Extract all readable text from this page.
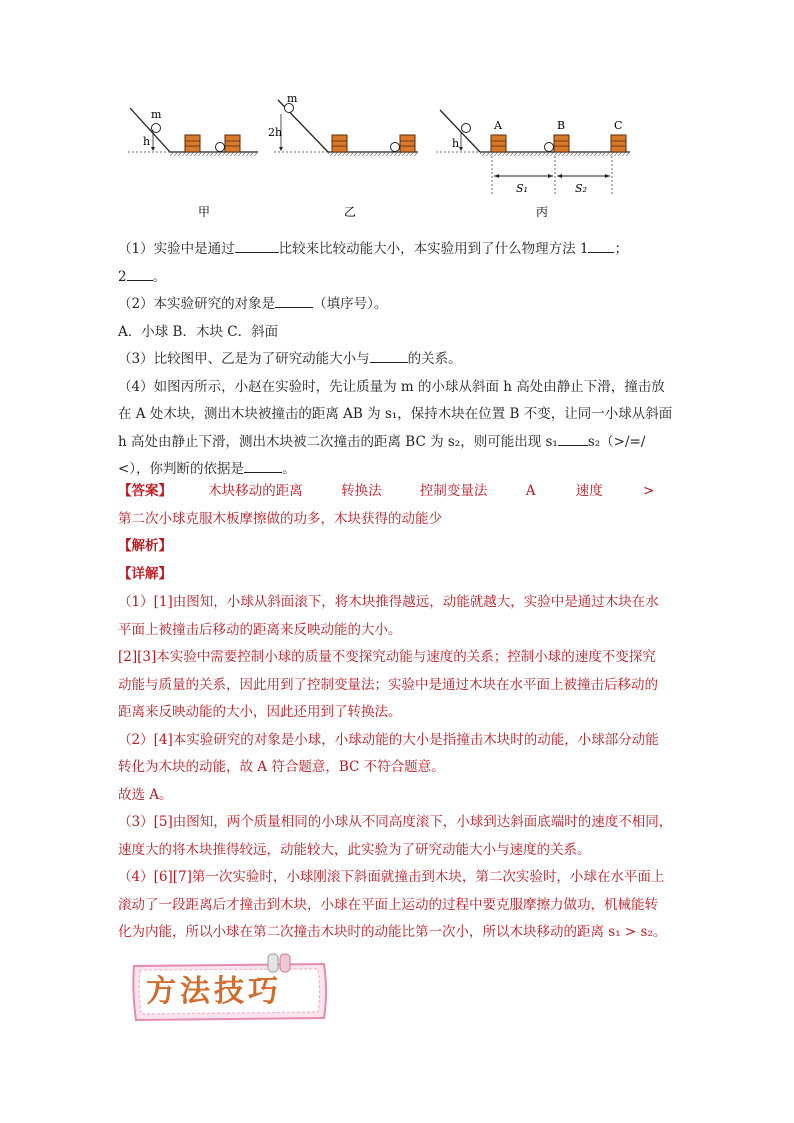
m
h
甲
m
2h
乙
h
A	B	C
S₁	S₂
丙

（1）实验中是通过	比较来比较动能大小，本实验用到了什么物理方法 1 ；

2 。

（2）本实验研究的对象是	（填序号）。

A．小球 B．木块 C．斜面

（3）比较图甲、乙是为了研究动能大小与	的关系。

（4）如图丙所示，小赵在实验时，先让质量为 m 的小球从斜面 h 高处由静止下滑，撞击放

在 A 处木块，测出木块被撞击的距离 AB 为 s₁，保持木块在位置 B 不变，让同一小球从斜面

h 高处由静止下滑，测出木块被二次撞击的距离 BC 为 s₂，则可能出现 s₁ s₂（>/=/

<），你判断的依据是	。

【答案】	木块移动的距离	转换法	控制变量法	A	速度	>

第二次小球克服木板摩擦做的功多，木块获得的动能少

【解析】

【详解】

（1）[1]由图知，小球从斜面滚下，将木块推得越远，动能就越大，实验中是通过木块在水

平面上被撞击后移动的距离来反映动能的大小。

[2][3]本实验中需要控制小球的质量不变探究动能与速度的关系；控制小球的速度不变探究

动能与质量的关系，因此用到了控制变量法；实验中是通过木块在水平面上被撞击后移动的

距离来反映动能的大小，因此还用到了转换法。

（2）[4]本实验研究的对象是小球，小球动能的大小是指撞击木块时的动能，小球部分动能

转化为木块的动能，故 A 符合题意，BC 不符合题意。

故选 A。

（3）[5]由图知，两个质量相同的小球从不同高度滚下，小球到达斜面底端时的速度不相同，

速度大的将木块推得较远，动能较大，此实验为了研究动能大小与速度的关系。

（4）[6][7]第一次实验时，小球刚滚下斜面就撞击到木块，第二次实验时，小球在水平面上

滚动了一段距离后才撞击到木块，小球在平面上运动的过程中要克服摩擦力做功，机械能转

化为内能，所以小球在第二次撞击木块时的动能比第一次小，所以木块移动的距离 s₁ > s₂。

方法技巧
